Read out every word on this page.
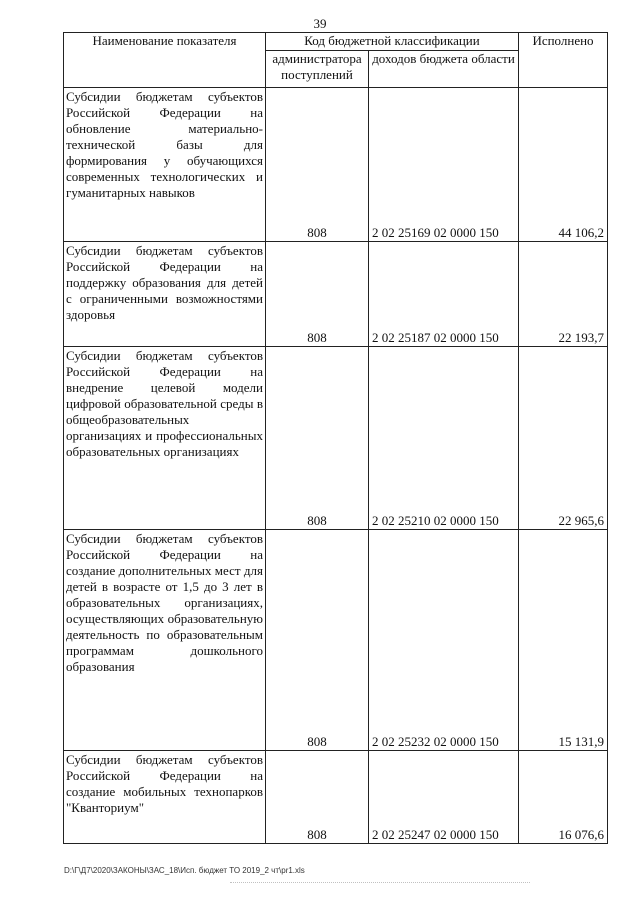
39
Наименование показателя	Код бюджетной классификации		Исполнено
	администратора поступлений	доходов бюджета области	
Субсидии бюджетам субъектов Российской Федерации на обновление материально-технической базы для формирования у обучающихся современных технологических и гуманитарных навыков	808	2 02 25169 02 0000 150	44 106,2
Субсидии бюджетам субъектов Российской Федерации на поддержку образования для детей с ограниченными возможностями здоровья	808	2 02 25187 02 0000 150	22 193,7
Субсидии бюджетам субъектов Российской Федерации на внедрение целевой модели цифровой образовательной среды в общеобразовательных организациях и профессиональных образовательных организациях	808	2 02 25210 02 0000 150	22 965,6
Субсидии бюджетам субъектов Российской Федерации на создание дополнительных мест для детей в возрасте от 1,5 до 3 лет в образовательных организациях, осуществляющих образовательную деятельность по образовательным программам дошкольного образования	808	2 02 25232 02 0000 150	15 131,9
Субсидии бюджетам субъектов Российской Федерации на создание мобильных технопарков "Кванториум"	808	2 02 25247 02 0000 150	16 076,6
D:\Г\Д7\2020\ЗАКОНЫ\ЗАС_18\Исп. бюджет ТО 2019_2 чт\pr1.xls
